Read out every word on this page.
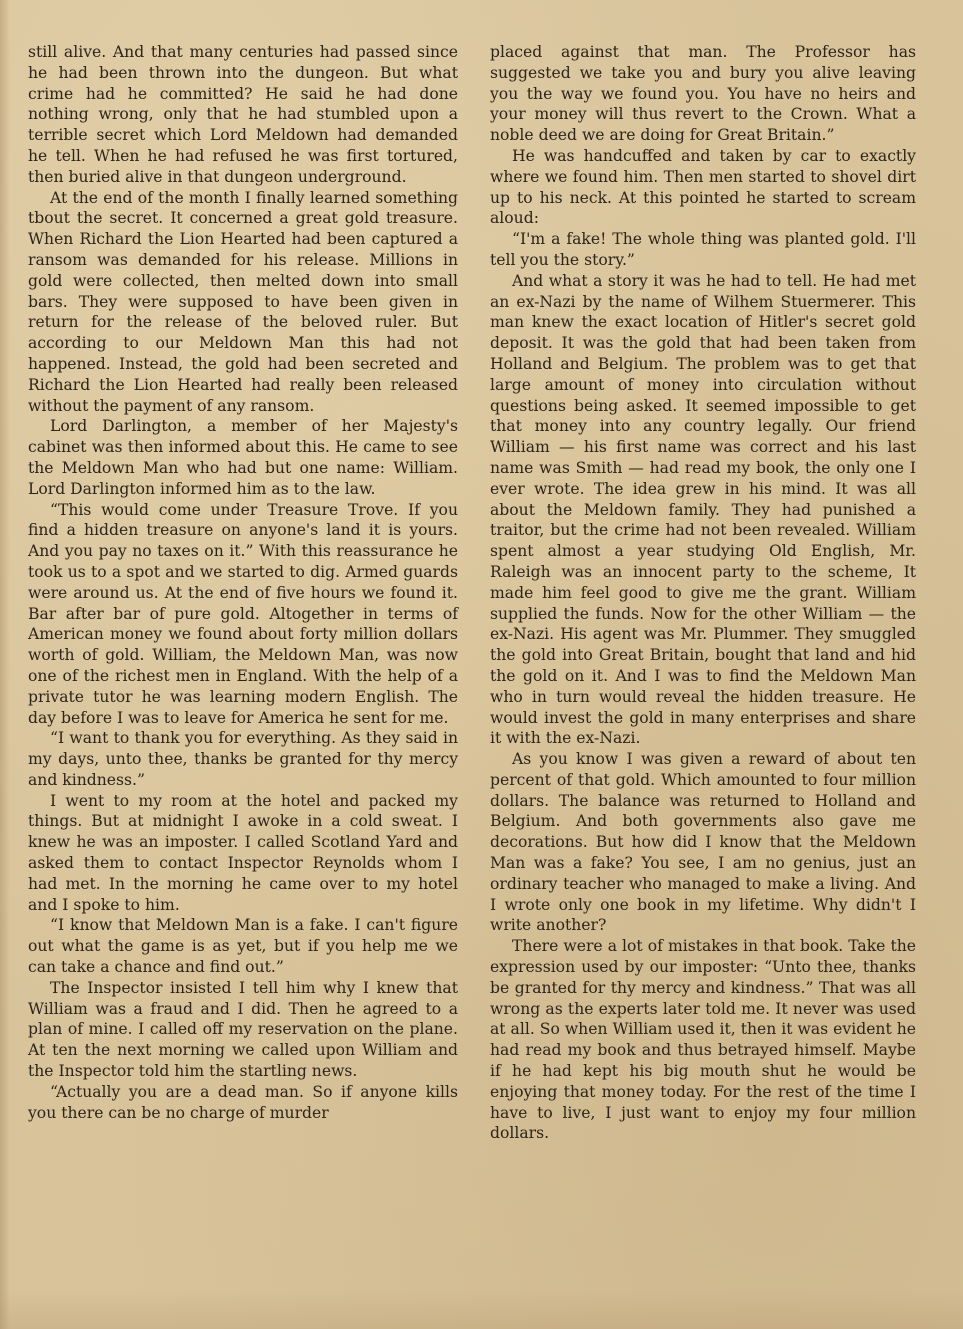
still alive. And that many centuries had passed since he had been thrown into the dungeon. But what crime had he committed? He said he had done nothing wrong, only that he had stumbled upon a terrible secret which Lord Meldown had demanded he tell. When he had refused he was first tortured, then buried alive in that dungeon underground.

At the end of the month I finally learned something tbout the secret. It concerned a great gold treasure. When Richard the Lion Hearted had been captured a ransom was demanded for his release. Millions in gold were collected, then melted down into small bars. They were supposed to have been given in return for the release of the beloved ruler. But according to our Meldown Man this had not happened. Instead, the gold had been secreted and Richard the Lion Hearted had really been released without the payment of any ransom.

Lord Darlington, a member of her Majesty's cabinet was then informed about this. He came to see the Meldown Man who had but one name: William. Lord Darlington informed him as to the law.

“This would come under Treasure Trove. If you find a hidden treasure on anyone's land it is yours. And you pay no taxes on it.” With this reassurance he took us to a spot and we started to dig. Armed guards were around us. At the end of five hours we found it. Bar after bar of pure gold. Altogether in terms of American money we found about forty million dollars worth of gold. William, the Meldown Man, was now one of the richest men in England. With the help of a private tutor he was learning modern English. The day before I was to leave for America he sent for me.

“I want to thank you for everything. As they said in my days, unto thee, thanks be granted for thy mercy and kindness.”

I went to my room at the hotel and packed my things. But at midnight I awoke in a cold sweat. I knew he was an imposter. I called Scotland Yard and asked them to contact Inspector Reynolds whom I had met. In the morning he came over to my hotel and I spoke to him.

“I know that Meldown Man is a fake. I can't figure out what the game is as yet, but if you help me we can take a chance and find out.”

The Inspector insisted I tell him why I knew that William was a fraud and I did. Then he agreed to a plan of mine. I called off my reservation on the plane. At ten the next morning we called upon William and the Inspector told him the startling news.

“Actually you are a dead man. So if anyone kills you there can be no charge of murder

placed against that man. The Professor has suggested we take you and bury you alive leaving you the way we found you. You have no heirs and your money will thus revert to the Crown. What a noble deed we are doing for Great Britain.”

He was handcuffed and taken by car to exactly where we found him. Then men started to shovel dirt up to his neck. At this pointed he started to scream aloud:

“I'm a fake! The whole thing was planted gold. I'll tell you the story.”

And what a story it was he had to tell. He had met an ex-Nazi by the name of Wilhem Stuermerer. This man knew the exact location of Hitler's secret gold deposit. It was the gold that had been taken from Holland and Belgium. The problem was to get that large amount of money into circulation without questions being asked. It seemed impossible to get that money into any country legally. Our friend William — his first name was correct and his last name was Smith — had read my book, the only one I ever wrote. The idea grew in his mind. It was all about the Meldown family. They had punished a traitor, but the crime had not been revealed. William spent almost a year studying Old English, Mr. Raleigh was an innocent party to the scheme, It made him feel good to give me the grant. William supplied the funds. Now for the other William — the ex-Nazi. His agent was Mr. Plummer. They smuggled the gold into Great Britain, bought that land and hid the gold on it. And I was to find the Meldown Man who in turn would reveal the hidden treasure. He would invest the gold in many enterprises and share it with the ex-Nazi.

As you know I was given a reward of about ten percent of that gold. Which amounted to four million dollars. The balance was returned to Holland and Belgium. And both governments also gave me decorations. But how did I know that the Meldown Man was a fake? You see, I am no genius, just an ordinary teacher who managed to make a living. And I wrote only one book in my lifetime. Why didn't I write another?

There were a lot of mistakes in that book. Take the expression used by our imposter: “Unto thee, thanks be granted for thy mercy and kindness.” That was all wrong as the experts later told me. It never was used at all. So when William used it, then it was evident he had read my book and thus betrayed himself. Maybe if he had kept his big mouth shut he would be enjoying that money today. For the rest of the time I have to live, I just want to enjoy my four million dollars.
